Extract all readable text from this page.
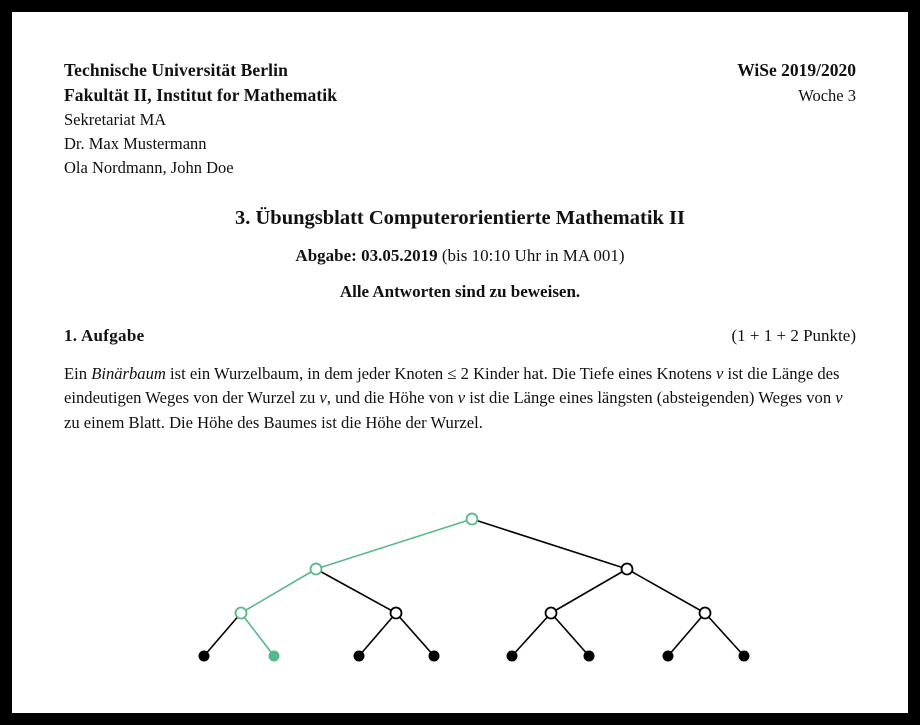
Technische Universität Berlin	WiSe 2019/2020
Fakultät II, Institut for Mathematik	Woche 3
Sekretariat MA
Dr. Max Mustermann
Ola Nordmann, John Doe
3. Übungsblatt Computerorientierte Mathematik II
Abgabe: 03.05.2019 (bis 10:10 Uhr in MA 001)
Alle Antworten sind zu beweisen.
1. Aufgabe	(1 + 1 + 2 Punkte)
Ein Binärbaum ist ein Wurzelbaum, in dem jeder Knoten ≤ 2 Kinder hat. Die Tiefe eines Knotens v ist die Länge des eindeutigen Weges von der Wurzel zu v, und die Höhe von v ist die Länge eines längsten (absteigenden) Weges von v zu einem Blatt. Die Höhe des Baumes ist die Höhe der Wurzel.
